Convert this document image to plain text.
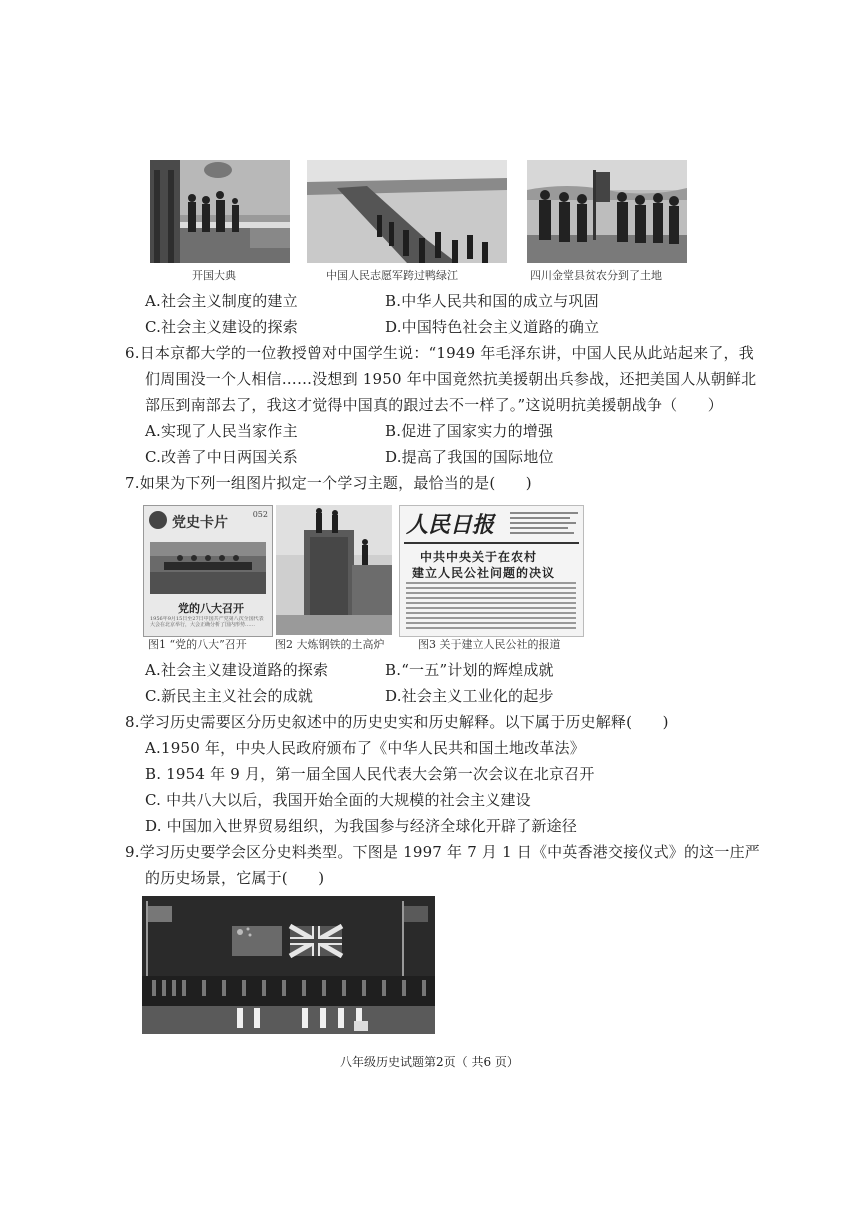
开国大典	中国人民志愿军跨过鸭绿江	四川金堂县贫农分到了土地
A.社会主义制度的建立	B.中华人民共和国的成立与巩固
C.社会主义建设的探索	D.中国特色社会主义道路的确立
6.日本京都大学的一位教授曾对中国学生说：“1949 年毛泽东讲，中国人民从此站起来了，我
们周围没一个人相信……没想到 1950 年中国竟然抗美援朝出兵参战，还把美国人从朝鲜北
部压到南部去了，我这才觉得中国真的跟过去不一样了。”这说明抗美援朝战争（　　）
A.实现了人民当家作主	B.促进了国家实力的增强
C.改善了中日两国关系	D.提高了我国的国际地位
7.如果为下列一组图片拟定一个学习主题，最恰当的是(　　)
党史卡片
052
党的八大召开
1956年9月15日至27日中国共产党第八次全国代表大会在北京举行，大会正确分析了国内形势……
人民日报
中共中央关于在农村
建立人民公社问题的决议
图1 “党的八大”召开	图2 大炼钢铁的土高炉	图3 关于建立人民公社的报道
A.社会主义建设道路的探索	B.“一五”计划的辉煌成就
C.新民主主义社会的成就	D.社会主义工业化的起步
8.学习历史需要区分历史叙述中的历史史实和历史解释。以下属于历史解释(　　)
A.1950 年，中央人民政府颁布了《中华人民共和国土地改革法》
B. 1954 年 9 月，第一届全国人民代表大会第一次会议在北京召开
C. 中共八大以后，我国开始全面的大规模的社会主义建设
D. 中国加入世界贸易组织，为我国参与经济全球化开辟了新途径
9.学习历史要学会区分史料类型。下图是 1997 年 7 月 1 日《中英香港交接仪式》的这一庄严
的历史场景，它属于(　　)
八年级历史试题第2页（ 共6 页）
